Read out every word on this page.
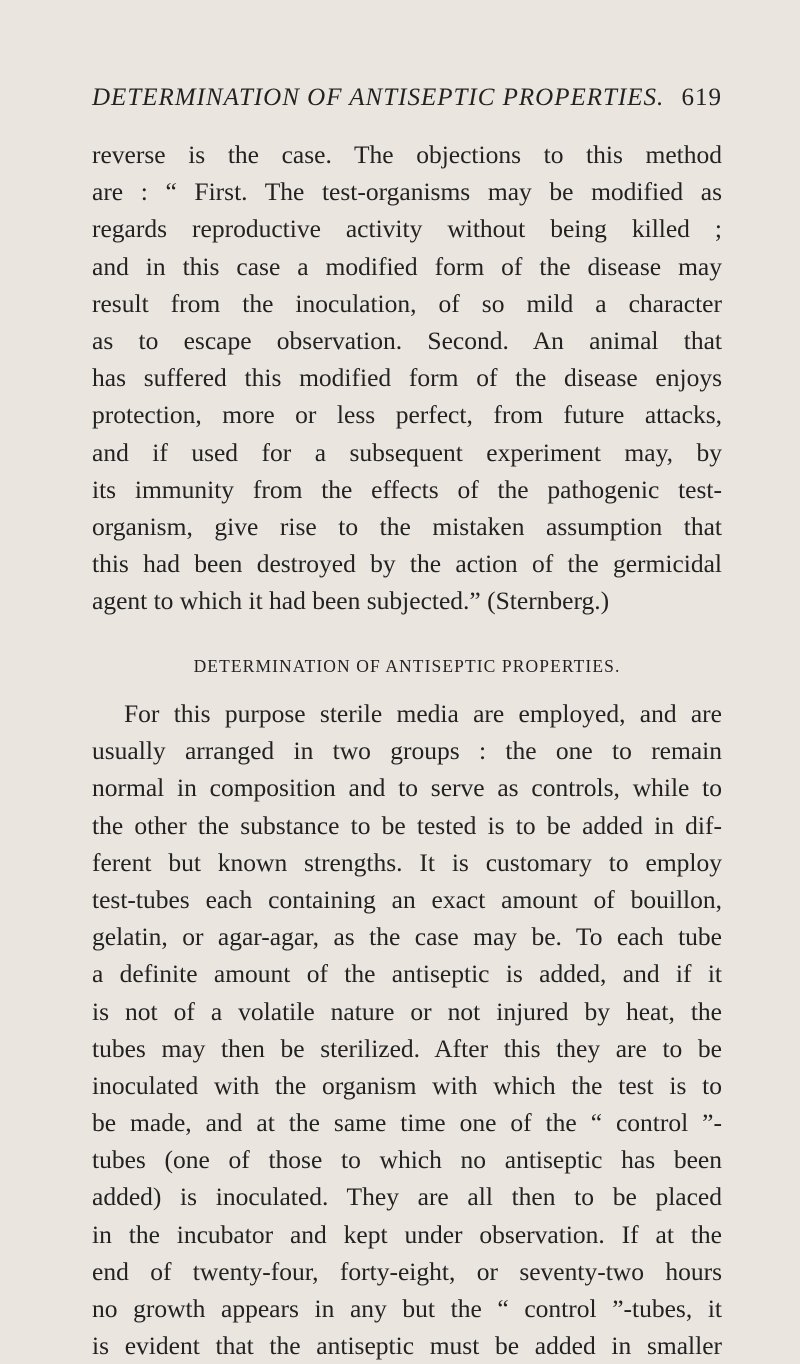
DETERMINATION OF ANTISEPTIC PROPERTIES. 619
reverse is the case. The objections to this method
are : “ First. The test-organisms may be modified as
regards reproductive activity without being killed ;
and in this case a modified form of the disease may
result from the inoculation, of so mild a character
as to escape observation. Second. An animal that
has suffered this modified form of the disease enjoys
protection, more or less perfect, from future attacks,
and if used for a subsequent experiment may, by
its immunity from the effects of the pathogenic test-
organism, give rise to the mistaken assumption that
this had been destroyed by the action of the germicidal
agent to which it had been subjected.” (Sternberg.)
DETERMINATION OF ANTISEPTIC PROPERTIES.
For this purpose sterile media are employed, and are
usually arranged in two groups : the one to remain
normal in composition and to serve as controls, while to
the other the substance to be tested is to be added in dif-
ferent but known strengths. It is customary to employ
test-tubes each containing an exact amount of bouillon,
gelatin, or agar-agar, as the case may be. To each tube
a definite amount of the antiseptic is added, and if it
is not of a volatile nature or not injured by heat, the
tubes may then be sterilized. After this they are to be
inoculated with the organism with which the test is to
be made, and at the same time one of the “ control ”-
tubes (one of those to which no antiseptic has been
added) is inoculated. They are all then to be placed
in the incubator and kept under observation. If at the
end of twenty-four, forty-eight, or seventy-two hours
no growth appears in any but the “ control ”-tubes, it
is evident that the antiseptic must be added in smaller
